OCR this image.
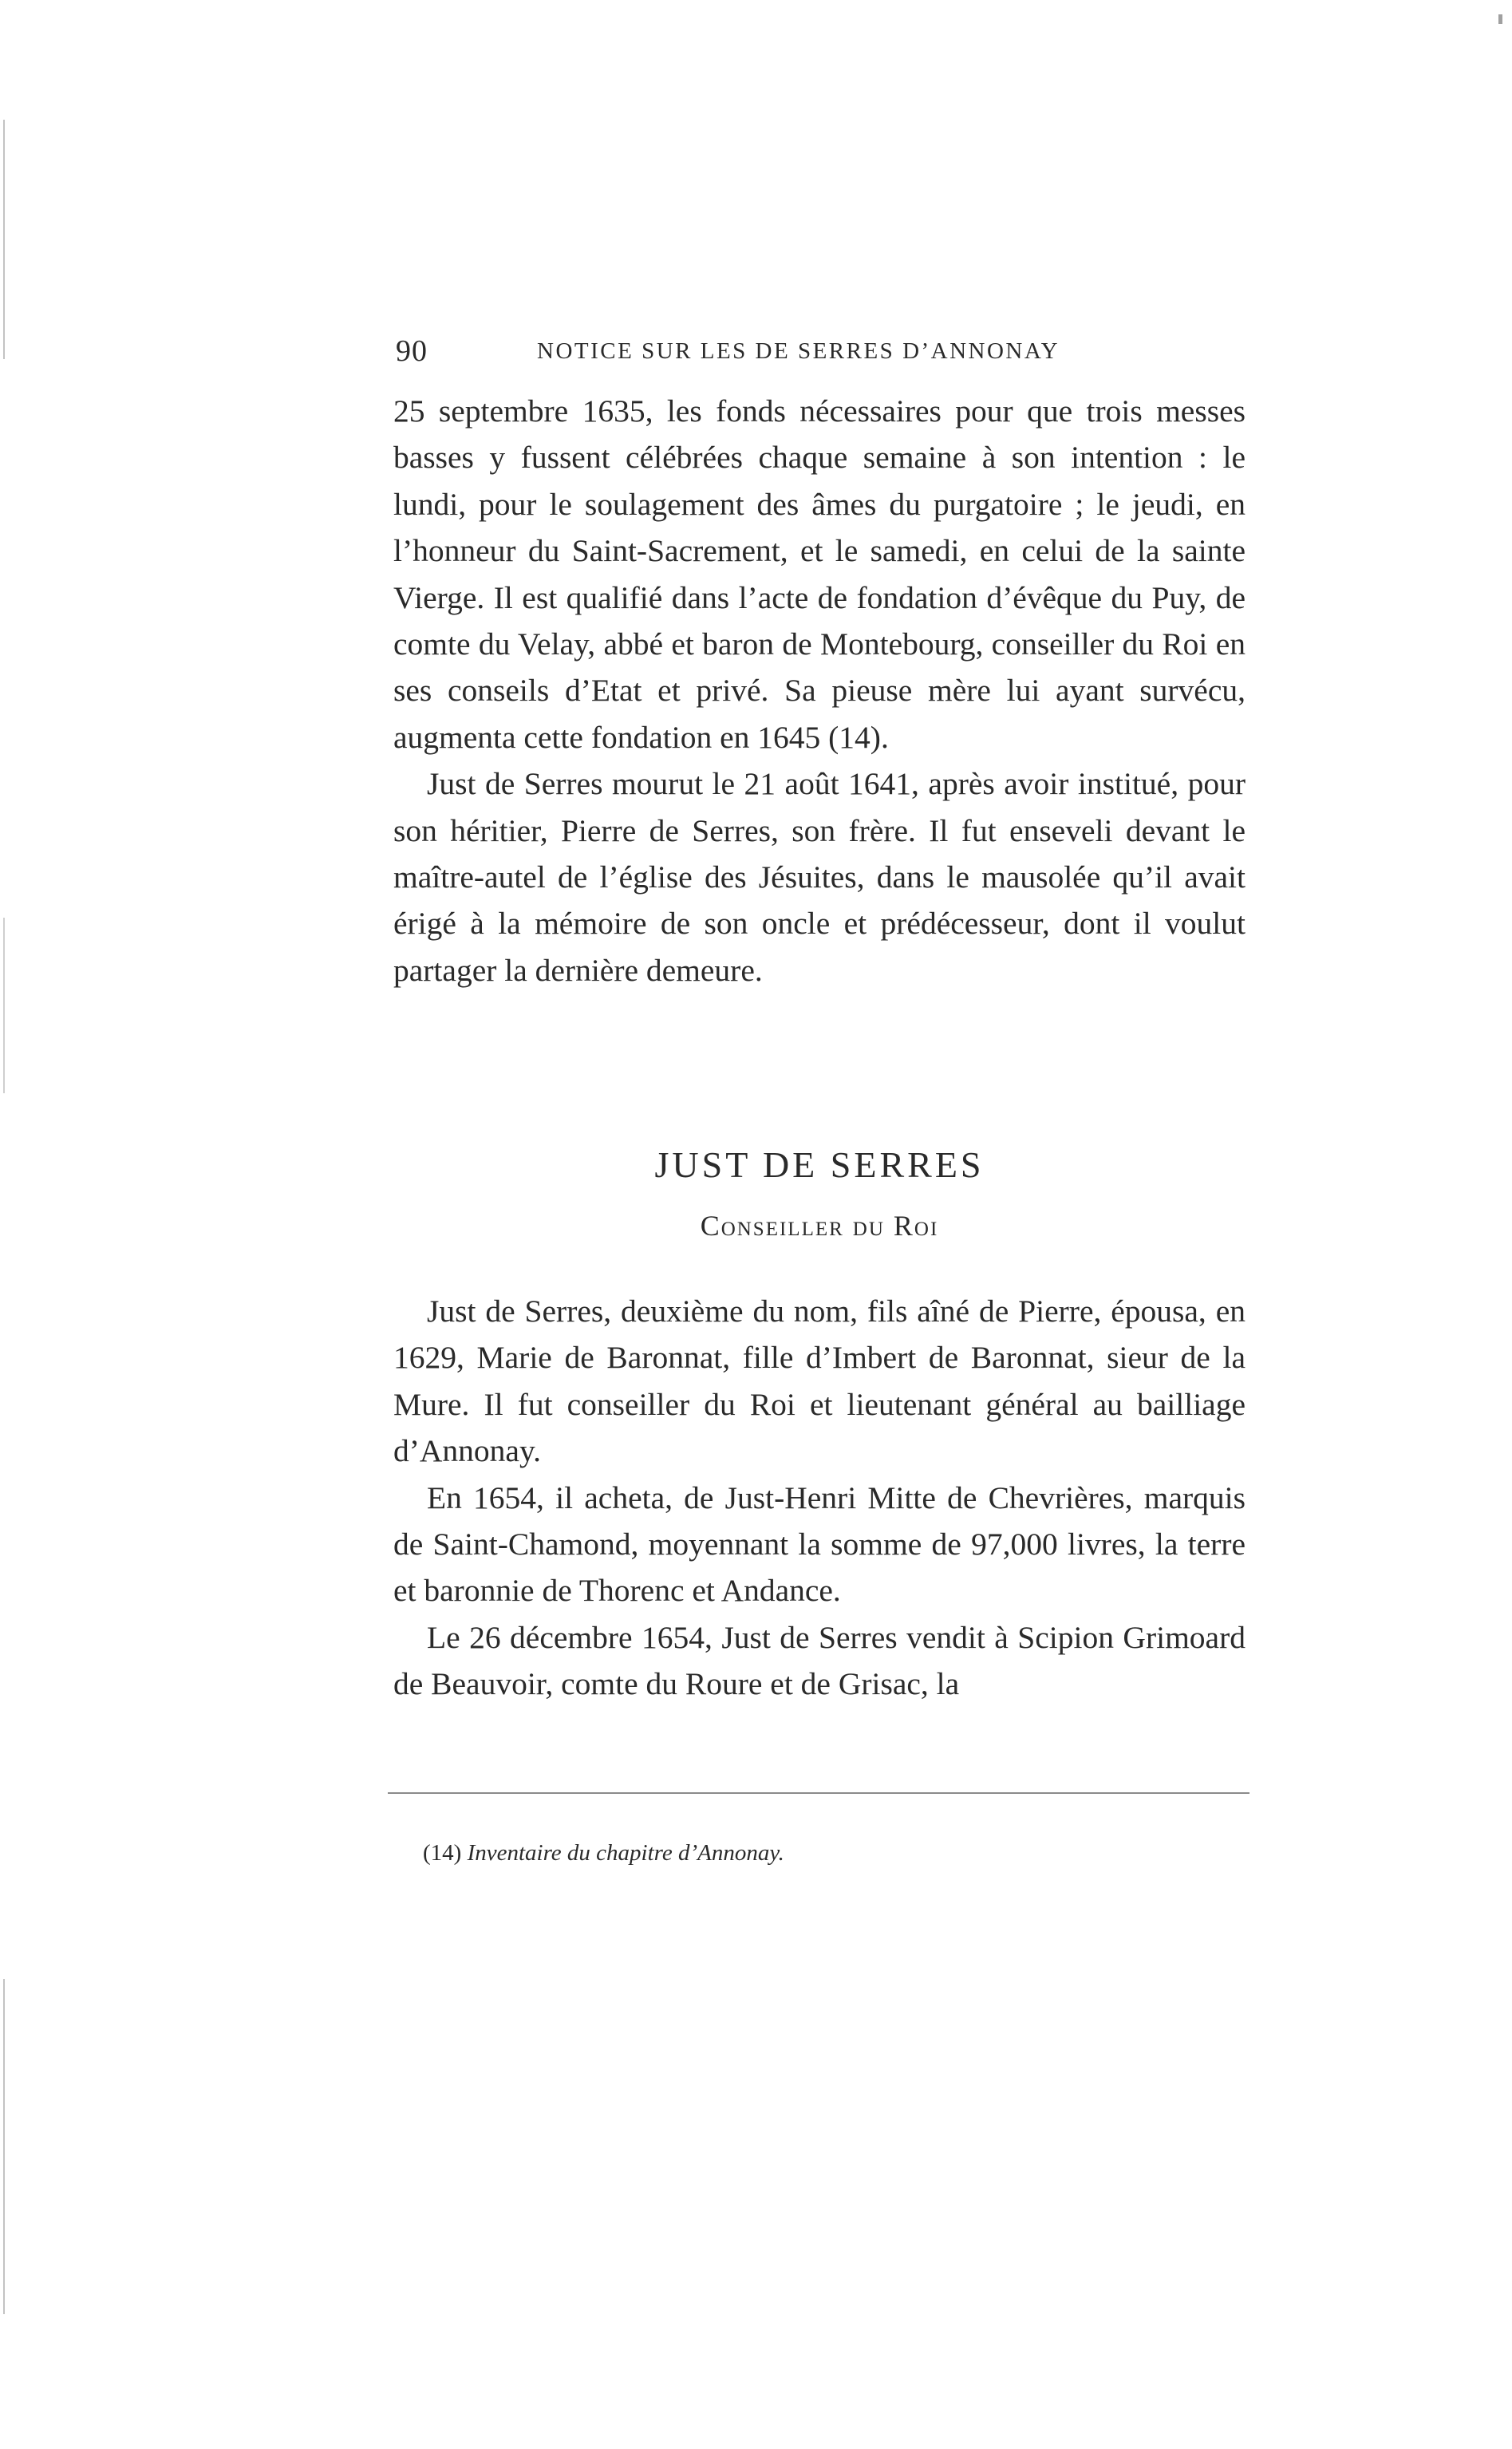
90	NOTICE SUR LES DE SERRES D’ANNONAY

25 septembre 1635, les fonds nécessaires pour que trois messes basses y fussent célébrées chaque semaine à son intention : le lundi, pour le soulagement des âmes du purgatoire ; le jeudi, en l’honneur du Saint-Sacrement, et le samedi, en celui de la sainte Vierge. Il est qualifié dans l’acte de fondation d’évêque du Puy, de comte du Velay, abbé et baron de Montebourg, conseiller du Roi en ses conseils d’Etat et privé. Sa pieuse mère lui ayant survécu, augmenta cette fondation en 1645 (14).

Just de Serres mourut le 21 août 1641, après avoir institué, pour son héritier, Pierre de Serres, son frère. Il fut enseveli devant le maître-autel de l’église des Jésuites, dans le mausolée qu’il avait érigé à la mémoire de son oncle et prédécesseur, dont il voulut partager la dernière demeure.

JUST DE SERRES
Conseiller du Roi

Just de Serres, deuxième du nom, fils aîné de Pierre, épousa, en 1629, Marie de Baronnat, fille d’Imbert de Baronnat, sieur de la Mure. Il fut conseiller du Roi et lieutenant général au bailliage d’Annonay.

En 1654, il acheta, de Just-Henri Mitte de Chevrières, marquis de Saint-Chamond, moyennant la somme de 97,000 livres, la terre et baronnie de Thorenc et Andance.

Le 26 décembre 1654, Just de Serres vendit à Scipion Grimoard de Beauvoir, comte du Roure et de Grisac, la

(14) Inventaire du chapitre d’Annonay.
